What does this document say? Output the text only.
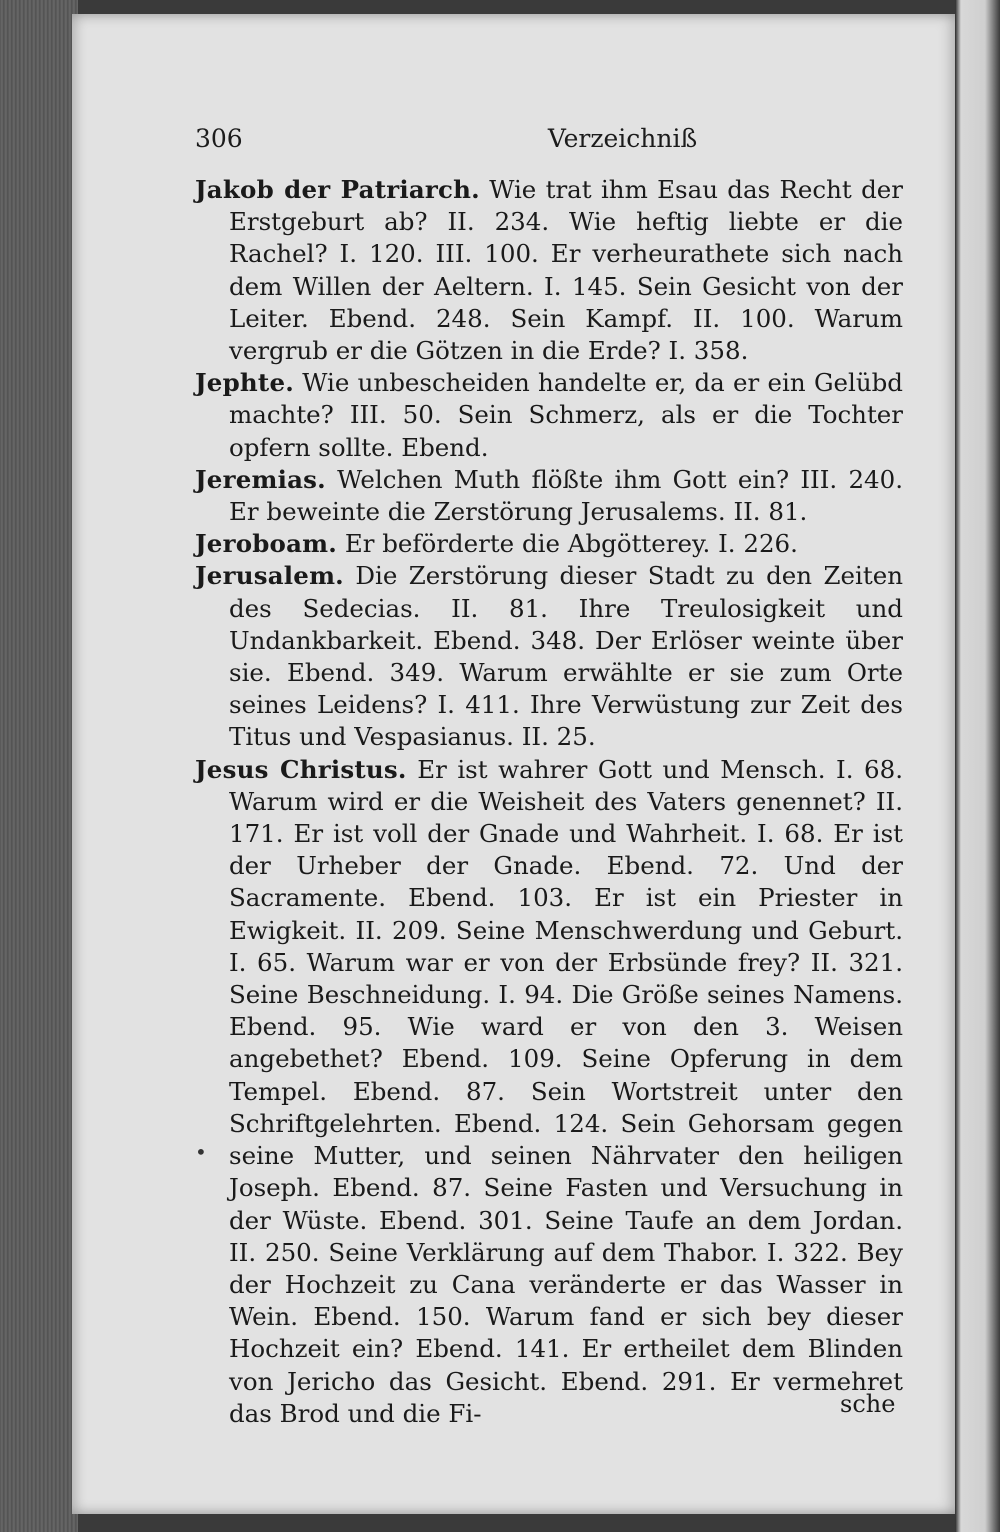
306	Verzeichniß
•

Jakob der Patriarch. Wie trat ihm Esau das Recht der Erstgeburt ab? II. 234. Wie heftig liebte er die Rachel? I. 120. III. 100. Er verheurathete sich nach dem Willen der Aeltern. I. 145. Sein Gesicht von der Leiter. Ebend. 248. Sein Kampf. II. 100. Warum vergrub er die Götzen in die Erde? I. 358.

Jephte. Wie unbescheiden handelte er, da er ein Gelübd machte? III. 50. Sein Schmerz, als er die Tochter opfern sollte. Ebend.

Jeremias. Welchen Muth flößte ihm Gott ein? III. 240. Er beweinte die Zerstörung Jerusalems. II. 81.

Jeroboam. Er beförderte die Abgötterey. I. 226.

Jerusalem. Die Zerstörung dieser Stadt zu den Zeiten des Sedecias. II. 81. Ihre Treulosigkeit und Undankbarkeit. Ebend. 348. Der Erlöser weinte über sie. Ebend. 349. Warum erwählte er sie zum Orte seines Leidens? I. 411. Ihre Verwüstung zur Zeit des Titus und Vespasianus. II. 25.

Jesus Christus. Er ist wahrer Gott und Mensch. I. 68. Warum wird er die Weisheit des Vaters genennet? II. 171. Er ist voll der Gnade und Wahrheit. I. 68. Er ist der Urheber der Gnade. Ebend. 72. Und der Sacramente. Ebend. 103. Er ist ein Priester in Ewigkeit. II. 209. Seine Menschwerdung und Geburt. I. 65. Warum war er von der Erbsünde frey? II. 321. Seine Beschneidung. I. 94. Die Größe seines Namens. Ebend. 95. Wie ward er von den 3. Weisen angebethet? Ebend. 109. Seine Opferung in dem Tempel. Ebend. 87. Sein Wortstreit unter den Schriftgelehrten. Ebend. 124. Sein Gehorsam gegen seine Mutter, und seinen Nährvater den heiligen Joseph. Ebend. 87. Seine Fasten und Versuchung in der Wüste. Ebend. 301. Seine Taufe an dem Jordan. II. 250. Seine Verklärung auf dem Thabor. I. 322. Bey der Hochzeit zu Cana veränderte er das Wasser in Wein. Ebend. 150. Warum fand er sich bey dieser Hochzeit ein? Ebend. 141. Er ertheilet dem Blinden von Jericho das Gesicht. Ebend. 291. Er vermehret das Brod und die Fi-	sche
